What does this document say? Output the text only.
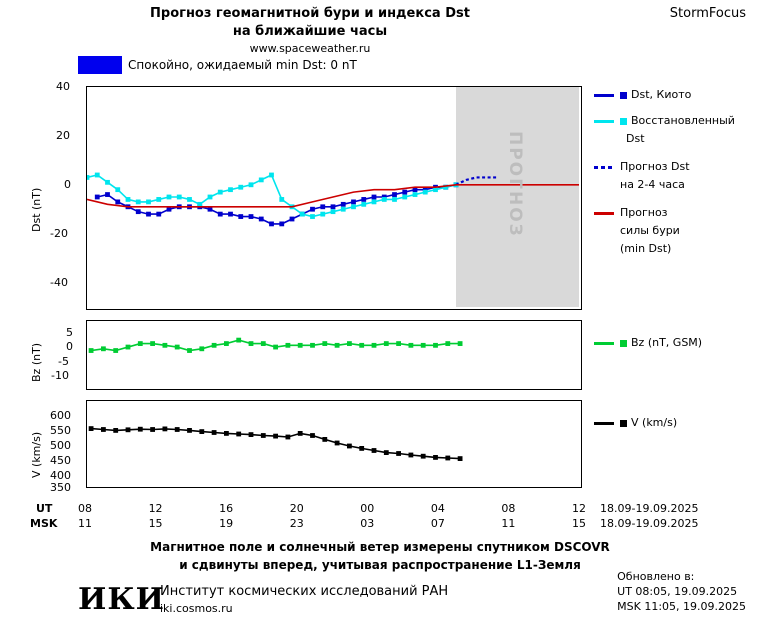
Прогноз геомагнитной бури и индекса Dst
на ближайшие часы
www.spaceweather.ru
StormFocus
Спокойно, ожидаемый min Dst: 0 nT
ПРОГНОЗ
40
20
0
-20
-40
Dst (nT)
5
0
-5
-10
Bz (nT)
600
550
500
450
400
350
V (km/s)
UT
MSK
08
11
12
15
16
19
20
23
00
03
04
07
08
11
12
15
18.09-19.09.2025
18.09-19.09.2025
Dst, Киото
Восстановленный
Dst
Прогноз Dst
на 2-4 часа
Прогноз
силы бури
(min Dst)
Bz (nT, GSM)
V (km/s)
Магнитное поле и солнечный ветер измерены спутником DSCOVR
и сдвинуты вперед, учитывая распространение L1-Земля
ИКИ
Институт космических исследований РАН
iki.cosmos.ru
Обновлено в:
UT 08:05, 19.09.2025
MSK 11:05, 19.09.2025
